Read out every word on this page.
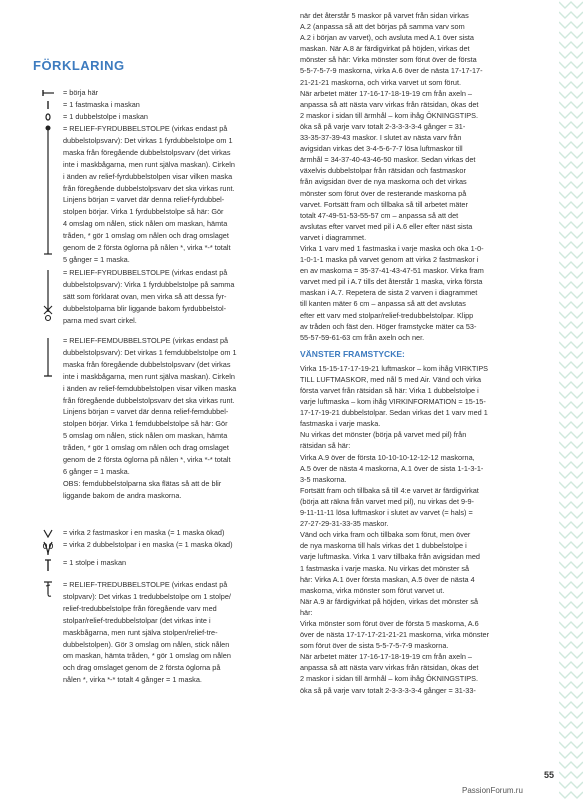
FÖRKLARING
= börja här
= 1 fastmaska i maskan
= 1 dubbelstolpe i maskan
= RELIEF-FYRDUBBELSTOLPE (virkas endast på
dubbelstolpsvarv): Det virkas 1 fyrdubbelstolpe om 1
maska från föregående dubbelstolpsvarv (det virkas
inte i maskbågarna, men runt själva maskan). Cirkeln
i änden av relief-fyrdubbelstolpen visar vilken maska
från föregående dubbelstolpsvarv det ska virkas runt.
Linjens början = varvet där denna relief-fyrdubbel-
stolpen börjar. Virka 1 fyrdubbelstolpe så här: Gör
4 omslag om nålen, stick nålen om maskan, hämta
tråden, * gör 1 omslag om nålen och drag omslaget
genom de 2 första öglorna på nålen *, virka *-* totalt
5 gånger = 1 maska.
= RELIEF-FYRDUBBELSTOLPE (virkas endast på
dubbelstolpsvarv): Virka 1 fyrdubbelstolpe på samma
sätt som förklarat ovan, men virka så att dessa fyr-
dubbelstolparna blir liggande bakom fyrdubbelstol-
parna med svart cirkel.
= RELIEF-FEMDUBBELSTOLPE (virkas endast på
dubbelstolpsvarv): Det virkas 1 femdubbelstolpe om 1
maska från föregående dubbelstolpsvarv (det virkas
inte i maskbågarna, men runt själva maskan). Cirkeln
i änden av relief-femdubbelstolpen visar vilken maska
från föregående dubbelstolpsvarv det ska virkas runt.
Linjens början = varvet där denna relief-femdubbel-
stolpen börjar. Virka 1 femdubbelstolpe så här: Gör
5 omslag om nålen, stick nålen om maskan, hämta
tråden, * gör 1 omslag om nålen och drag omslaget
genom de 2 första öglorna på nålen *, virka *-* totalt
6 gånger = 1 maska.
OBS: femdubbelstolparna ska flätas så att de blir
liggande bakom de andra maskorna.
= virka 2 fastmaskor i en maska (= 1 maska ökad)
= virka 2 dubbelstolpar i en maska (= 1 maska ökad)
= 1 stolpe i maskan
= RELIEF-TREDUBBELSTOLPE (virkas endast på
stolpvarv): Det virkas 1 tredubbelstolpe om 1 stolpe/
relief-tredubbelstolpe från föregående varv med
stolpar/relief-tredubbelstolpar (det virkas inte i
maskbågarna, men runt själva stolpen/relief-tre-
dubbelstolpen). Gör 3 omslag om nålen, stick nålen
om maskan, hämta tråden, * gör 1 omslag om nålen
och drag omslaget genom de 2 första öglorna på
nålen *, virka *-* totalt 4 gånger = 1 maska.

när det återstår 5 maskor på varvet från sidan virkas
A.2 (anpassa så att det börjas på samma varv som
A.2 i början av varvet), och avsluta med A.1 över sista
maskan. När A.8 är färdigvirkat på höjden, virkas det
mönster så här: Virka mönster som förut över de första
5-5-7-5-7-9 maskorna, virka A.6 över de nästa 17-17-17-
21-21-21 maskorna, och virka varvet ut som förut.
När arbetet mäter 17-16-17-18-19-19 cm från axeln –
anpassa så att nästa varv virkas från rätsidan, ökas det
2 maskor i sidan till ärmhål – kom ihåg ÖKNINGSTIPS.
öka så på varje varv totalt 2-3-3-3-3-4 gånger = 31-
33-35-37-39-43 maskor. I slutet av nästa varv från
avigsidan virkas det 3-4-5-6-7-7 lösa luftmaskor till
ärmhål = 34-37-40-43-46-50 maskor. Sedan virkas det
växelvis dubbelstolpar från rätsidan och fastmaskor
från avigsidan över de nya maskorna och det virkas
mönster som förut över de resterande maskorna på
varvet. Fortsätt fram och tillbaka så till arbetet mäter
totalt 47-49-51-53-55-57 cm – anpassa så att det
avslutas efter varvet med pil i A.6 eller efter näst sista
varvet i diagrammet.
Virka 1 varv med 1 fastmaska i varje maska och öka 1-0-
1-0-1-1 maska på varvet genom att virka 2 fastmaskor i
en av maskorna = 35-37-41-43-47-51 maskor. Virka fram
varvet med pil i A.7 tills det återstår 1 maska, virka första
maskan i A.7. Repetera de sista 2 varven i diagrammet
till kanten mäter 6 cm – anpassa så att det avslutas
efter ett varv med stolpar/relief-tredubbelstolpar. Klipp
av tråden och fäst den. Höger framstycke mäter ca 53-
55-57-59-61-63 cm från axeln och ner.

VÄNSTER FRAMSTYCKE:

Virka 15-15-17-17-19-21 luftmaskor – kom ihåg VIRKTIPS
TILL LUFTMASKOR, med nål 5 med Air. Vänd och virka
första varvet från rätsidan så här: Virka 1 dubbelstolpe i
varje luftmaska – kom ihåg VIRKINFORMATION = 15-15-
17-17-19-21 dubbelstolpar. Sedan virkas det 1 varv med 1
fastmaska i varje maska.
Nu virkas det mönster (börja på varvet med pil) från
rätsidan så här:
Virka A.9 över de första 10-10-10-12-12-12 maskorna,
A.5 över de nästa 4 maskorna, A.1 över de sista 1-1-3-1-
3-5 maskorna.
Fortsätt fram och tillbaka så till 4:e varvet är färdigvirkat
(börja att räkna från varvet med pil), nu virkas det 9-9-
9-11-11-11 lösa luftmaskor i slutet av varvet (= hals) =
27-27-29-31-33-35 maskor.
Vänd och virka fram och tillbaka som förut, men över
de nya maskorna till hals virkas det 1 dubbelstolpe i
varje luftmaska. Virka 1 varv tillbaka från avigsidan med
1 fastmaska i varje maska. Nu virkas det mönster så
här: Virka A.1 över första maskan, A.5 över de nästa 4
maskorna, virka mönster som förut varvet ut.
När A.9 är färdigvirkat på höjden, virkas det mönster så
här:
Virka mönster som förut över de första 5 maskorna, A.6
över de nästa 17-17-17-21-21-21 maskorna, virka mönster
som förut över de sista 5-5-7-5-7-9 maskorna.
När arbetet mäter 17-16-17-18-19-19 cm från axeln –
anpassa så att nästa varv virkas från rätsidan, ökas det
2 maskor i sidan till ärmhål – kom ihåg ÖKNINGSTIPS.
öka så på varje varv totalt 2-3-3-3-3-4 gånger = 31-33-

55
PassionForum.ru
